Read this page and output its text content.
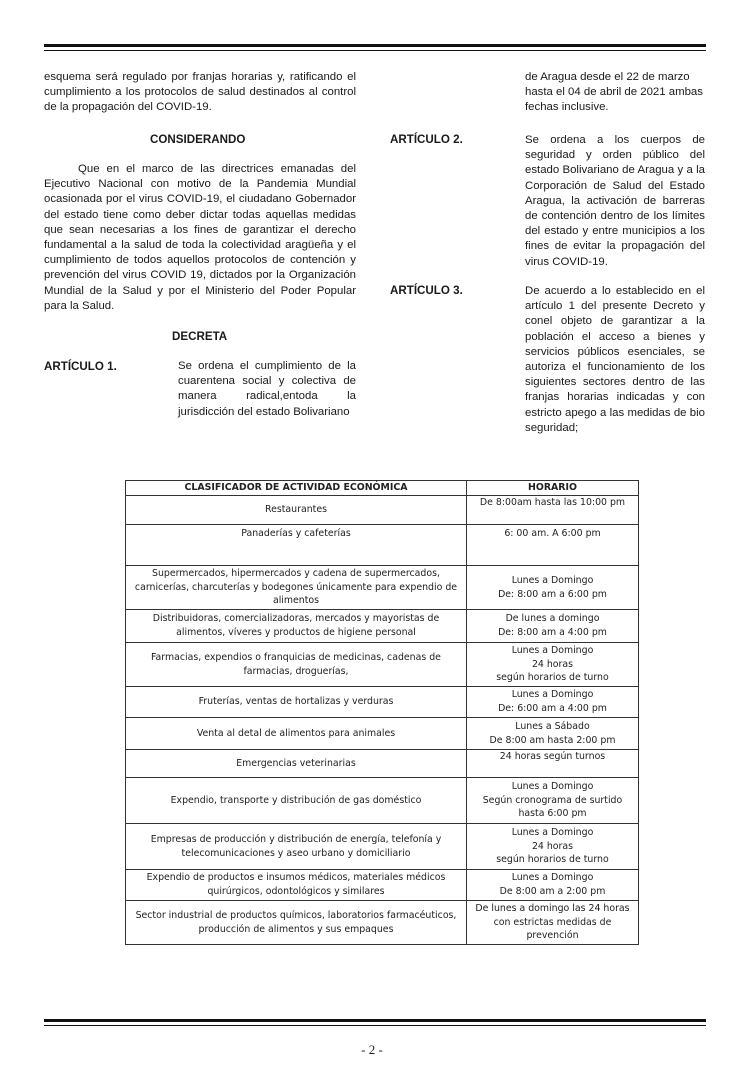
esquema será regulado por franjas horarias y, ratificando el cumplimiento a los protocolos de salud destinados al control de la propagación del COVID-19.

CONSIDERANDO

Que en el marco de las directrices emanadas del Ejecutivo Nacional con motivo de la Pandemia Mundial ocasionada por el virus COVID-19, el ciudadano Gobernador del estado tiene como deber dictar todas aquellas medidas que sean necesarias a los fines de garantizar el derecho fundamental a la salud de toda la colectividad aragüeña y el cumplimiento de todos aquellos protocolos de contención y prevención del virus COVID 19, dictados por la Organización Mundial de la Salud y por el Ministerio del Poder Popular para la Salud.

DECRETA

ARTÍCULO 1.	Se ordena el cumplimiento de la cuarentena social y colectiva de manera radical,entoda la jurisdicción del estado Bolivariano

de Aragua desde el 22 de marzo hasta el 04 de abril de 2021 ambas fechas inclusive.

ARTÍCULO 2.	Se ordena a los cuerpos de seguridad y orden público del estado Bolivariano de Aragua y a la Corporación de Salud del Estado Aragua, la activación de barreras de contención dentro de los límites del estado y entre municipios a los fines de evitar la propagación del virus COVID-19.

ARTÍCULO 3.	De acuerdo a lo establecido en el artículo 1 del presente Decreto y conel objeto de garantizar a la población el acceso a bienes y servicios públicos esenciales, se autoriza el funcionamiento de los siguientes sectores dentro de las franjas horarias indicadas y con estricto apego a las medidas de bio seguridad;

CLASIFICADOR DE ACTIVIDAD ECONÓMICA	HORARIO
Restaurantes	De 8:00am hasta las 10:00 pm
Panaderías y cafeterías	6: 00 am. A 6:00 pm
Supermercados, hipermercados y cadena de supermercados, carnicerías, charcuterías y bodegones únicamente para expendio de alimentos	Lunes a Domingo
De: 8:00 am a 6:00 pm
Distribuidoras, comercializadoras, mercados y mayoristas de alimentos, víveres y productos de higiene personal	De lunes a domingo
De: 8:00 am a 4:00 pm
Farmacias, expendios o franquicias de medicinas, cadenas de farmacias, droguerías,	Lunes a Domingo
24 horas
según horarios de turno
Fruterías, ventas de hortalizas y verduras	Lunes a Domingo
De: 6:00 am a 4:00 pm
Venta al detal de alimentos para animales	Lunes a Sábado
De 8:00 am hasta 2:00 pm
Emergencias veterinarias	24 horas según turnos
Expendio, transporte y distribución de gas doméstico	Lunes a Domingo
Según cronograma de surtido
hasta 6:00 pm
Empresas de producción y distribución de energía, telefonía y telecomunicaciones y aseo urbano y domiciliario	Lunes a Domingo
24 horas
según horarios de turno
Expendio de productos e insumos médicos, materiales médicos quirúrgicos, odontológicos y similares	Lunes a Domingo
De 8:00 am a 2:00 pm
Sector industrial de productos químicos, laboratorios farmacéuticos, producción de alimentos y sus empaques	De lunes a domingo las 24 horas
con estrictas medidas de
prevención
- 2 -
